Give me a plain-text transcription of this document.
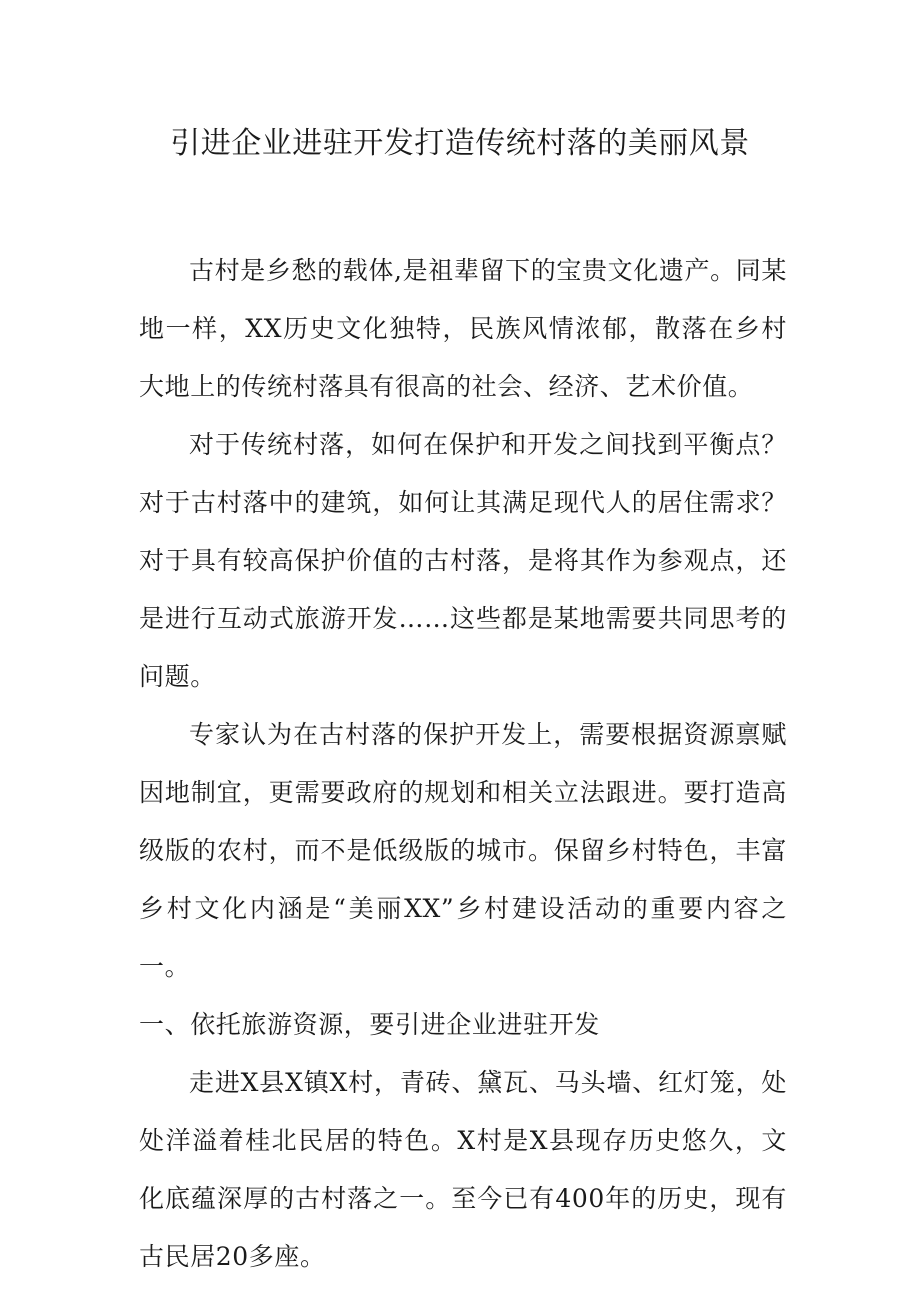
引进企业进驻开发打造传统村落的美丽风景

古村是乡愁的载体,是祖辈留下的宝贵文化遗产。同某地一样，XX历史文化独特，民族风情浓郁，散落在乡村大地上的传统村落具有很高的社会、经济、艺术价值。

对于传统村落，如何在保护和开发之间找到平衡点？对于古村落中的建筑，如何让其满足现代人的居住需求？对于具有较高保护价值的古村落，是将其作为参观点，还是进行互动式旅游开发……这些都是某地需要共同思考的问题。

专家认为在古村落的保护开发上，需要根据资源禀赋因地制宜，更需要政府的规划和相关立法跟进。要打造高级版的农村，而不是低级版的城市。保留乡村特色，丰富乡村文化内涵是“美丽XX”乡村建设活动的重要内容之一。

一、依托旅游资源，要引进企业进驻开发

走进X县X镇X村，青砖、黛瓦、马头墙、红灯笼，处处洋溢着桂北民居的特色。X村是X县现存历史悠久，文化底蕴深厚的古村落之一。至今已有400年的历史，现有古民居20多座。
